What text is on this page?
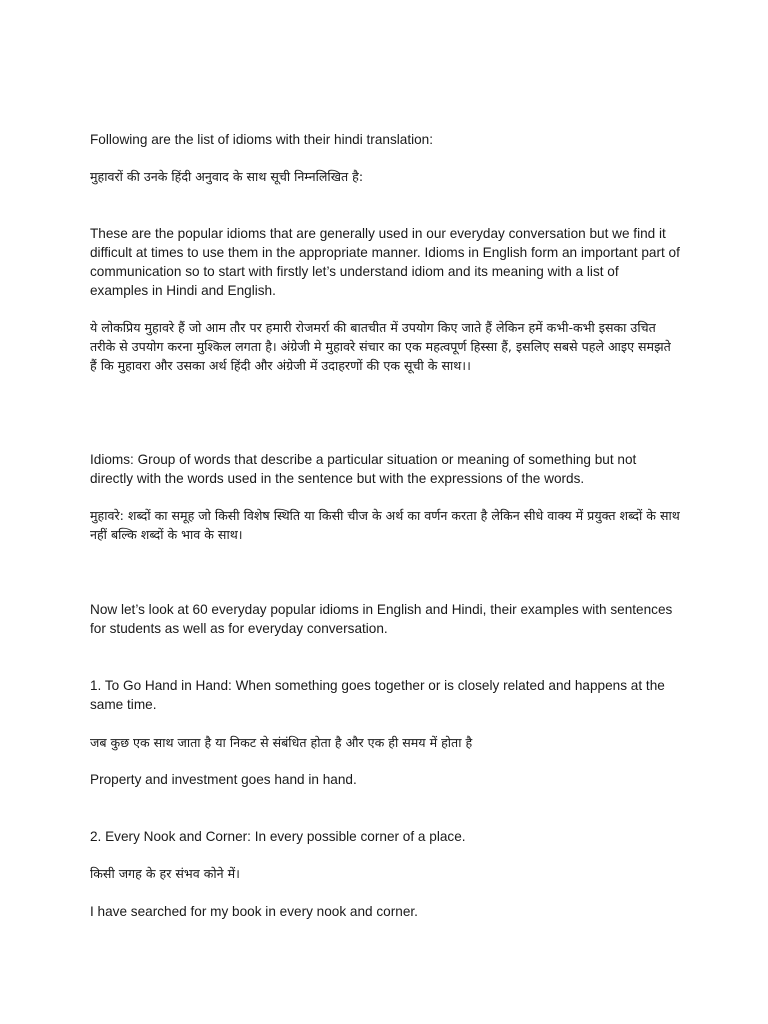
Following are the list of idioms with their hindi translation:

मुहावरों की उनके हिंदी अनुवाद के साथ सूची निम्नलिखित है:

These are the popular idioms that are generally used in our everyday conversation but we find it difficult at times to use them in the appropriate manner. Idioms in English form an important part of communication so to start with firstly let’s understand idiom and its meaning with a list of examples in Hindi and English.

ये लोकप्रिय मुहावरे हैं जो आम तौर पर हमारी रोजमर्रा की बातचीत में उपयोग किए जाते हैं लेकिन हमें कभी-कभी इसका उचित तरीके से उपयोग करना मुश्किल लगता है। अंग्रेजी मे मुहावरे संचार का एक महत्वपूर्ण हिस्सा हैं, इसलिए सबसे पहले आइए समझते हैं कि मुहावरा और उसका अर्थ हिंदी और अंग्रेजी में उदाहरणों की एक सूची के साथ।।

Idioms: Group of words that describe a particular situation or meaning of something but not directly with the words used in the sentence but with the expressions of the words.

मुहावरे: शब्दों का समूह जो किसी विशेष स्थिति या किसी चीज के अर्थ का वर्णन करता है लेकिन सीधे वाक्य में प्रयुक्त शब्दों के साथ नहीं बल्कि शब्दों के भाव के साथ।

Now let’s look at 60 everyday popular idioms in English and Hindi, their examples with sentences for students as well as for everyday conversation.

1. To Go Hand in Hand: When something goes together or is closely related and happens at the same time.

जब कुछ एक साथ जाता है या निकट से संबंधित होता है और एक ही समय में होता है

Property and investment goes hand in hand.

2. Every Nook and Corner: In every possible corner of a place.

किसी जगह के हर संभव कोने में।

I have searched for my book in every nook and corner.
